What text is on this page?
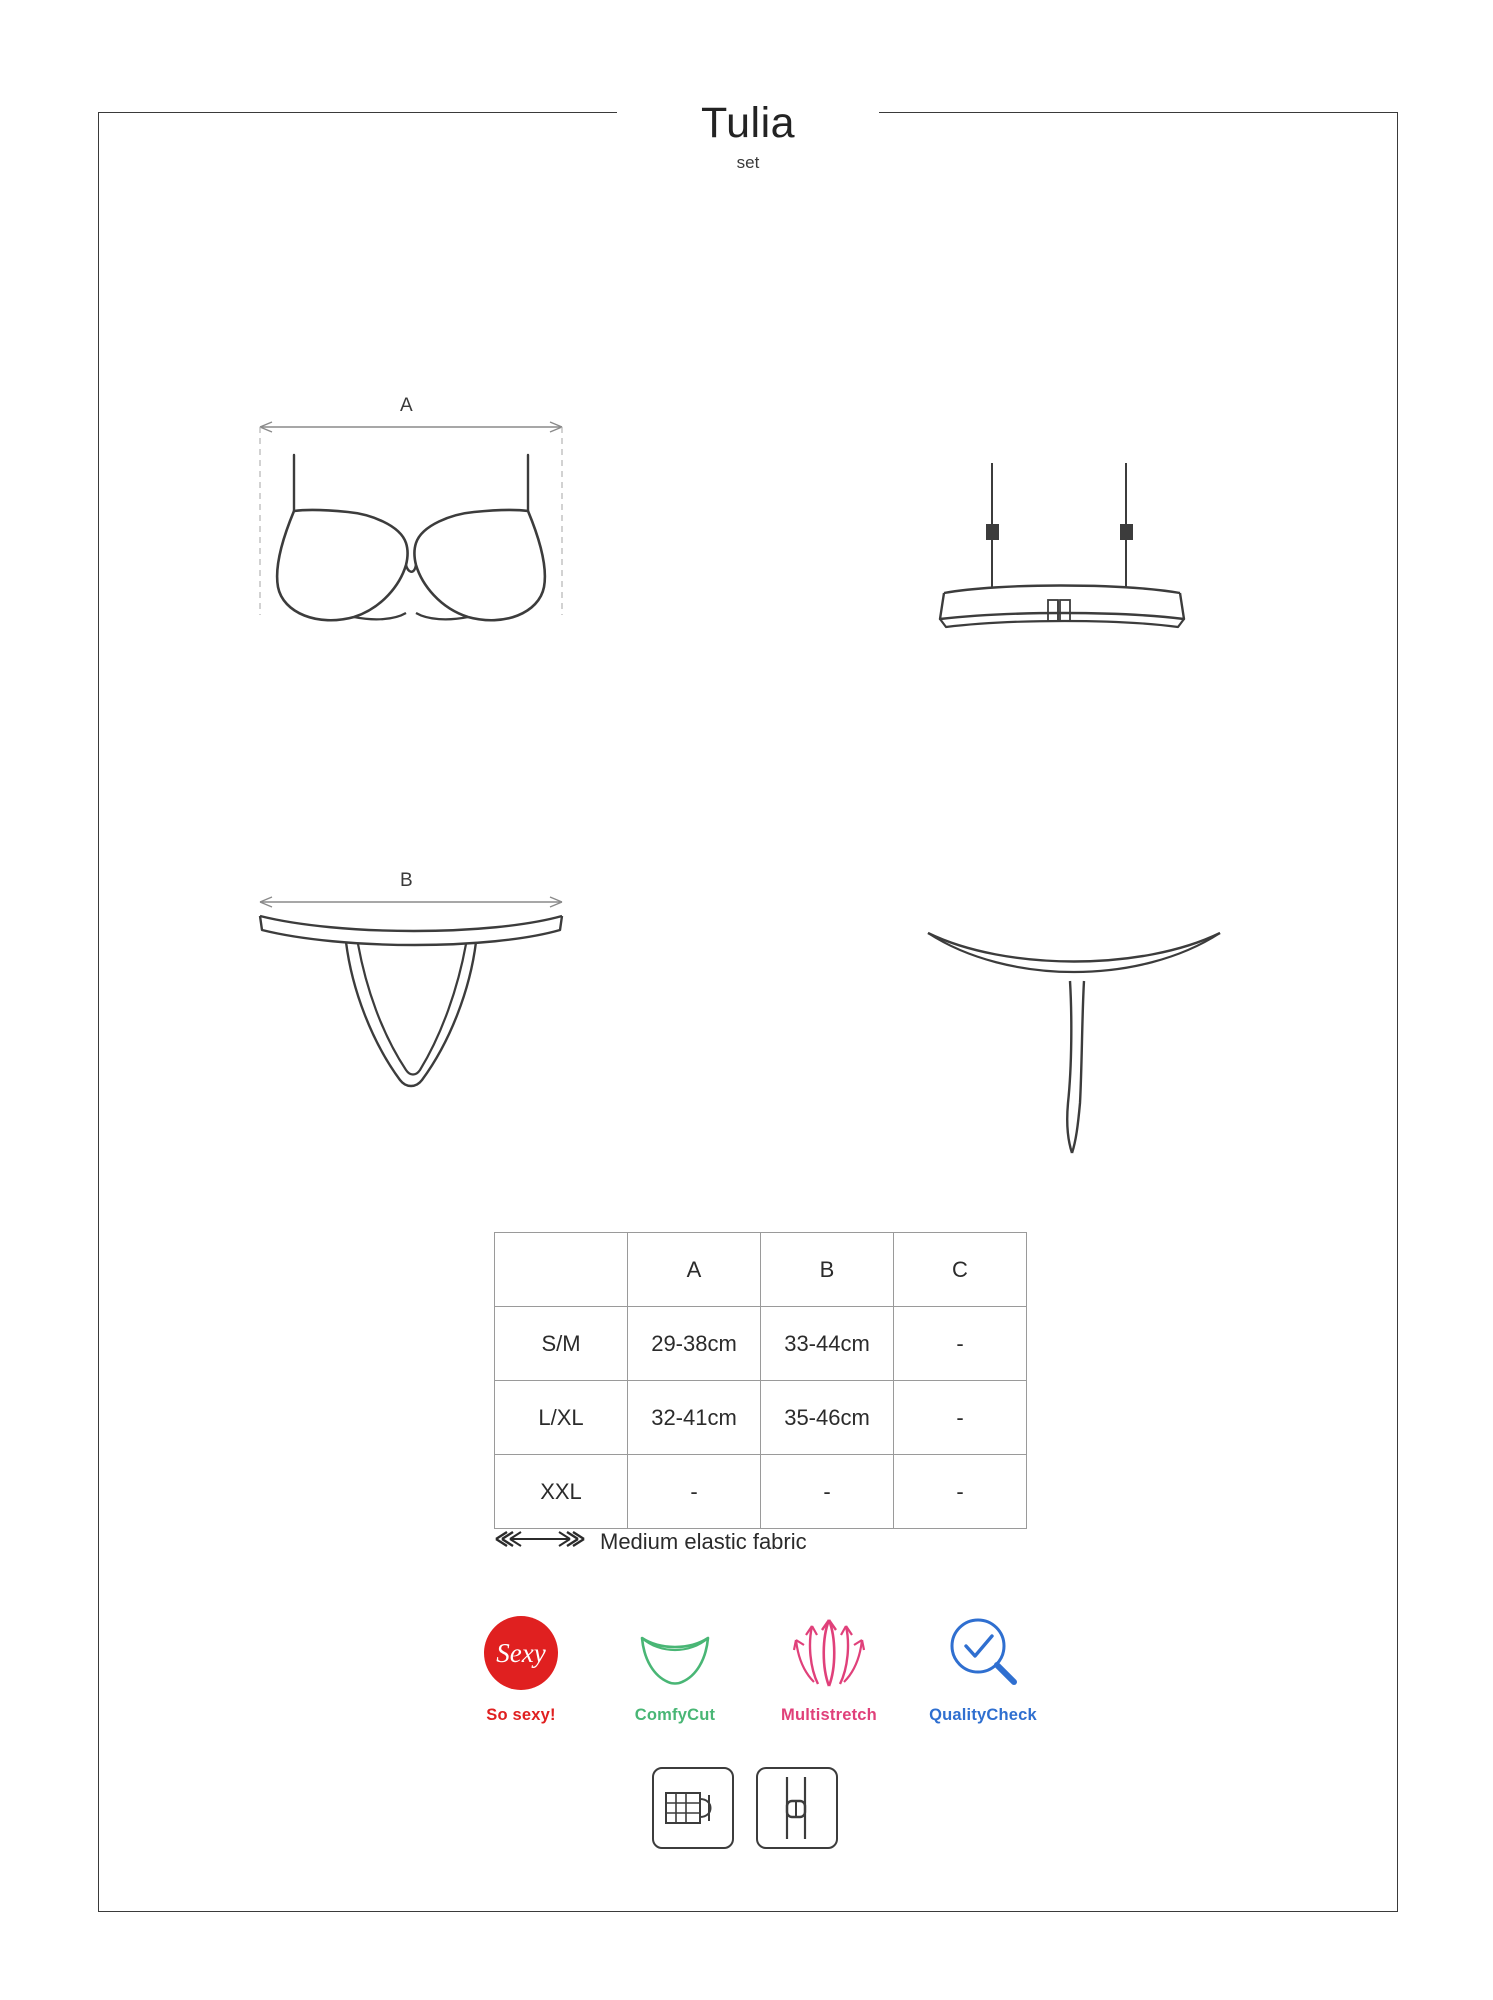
Tulia
set
A
B
	A	B	C
S/M	29-38cm	33-44cm	-
L/XL	32-41cm	35-46cm	-
XXL	-	-	-
Medium elastic fabric
Sexy
So sexy!	ComfyCut	Multistretch	QualityCheck
